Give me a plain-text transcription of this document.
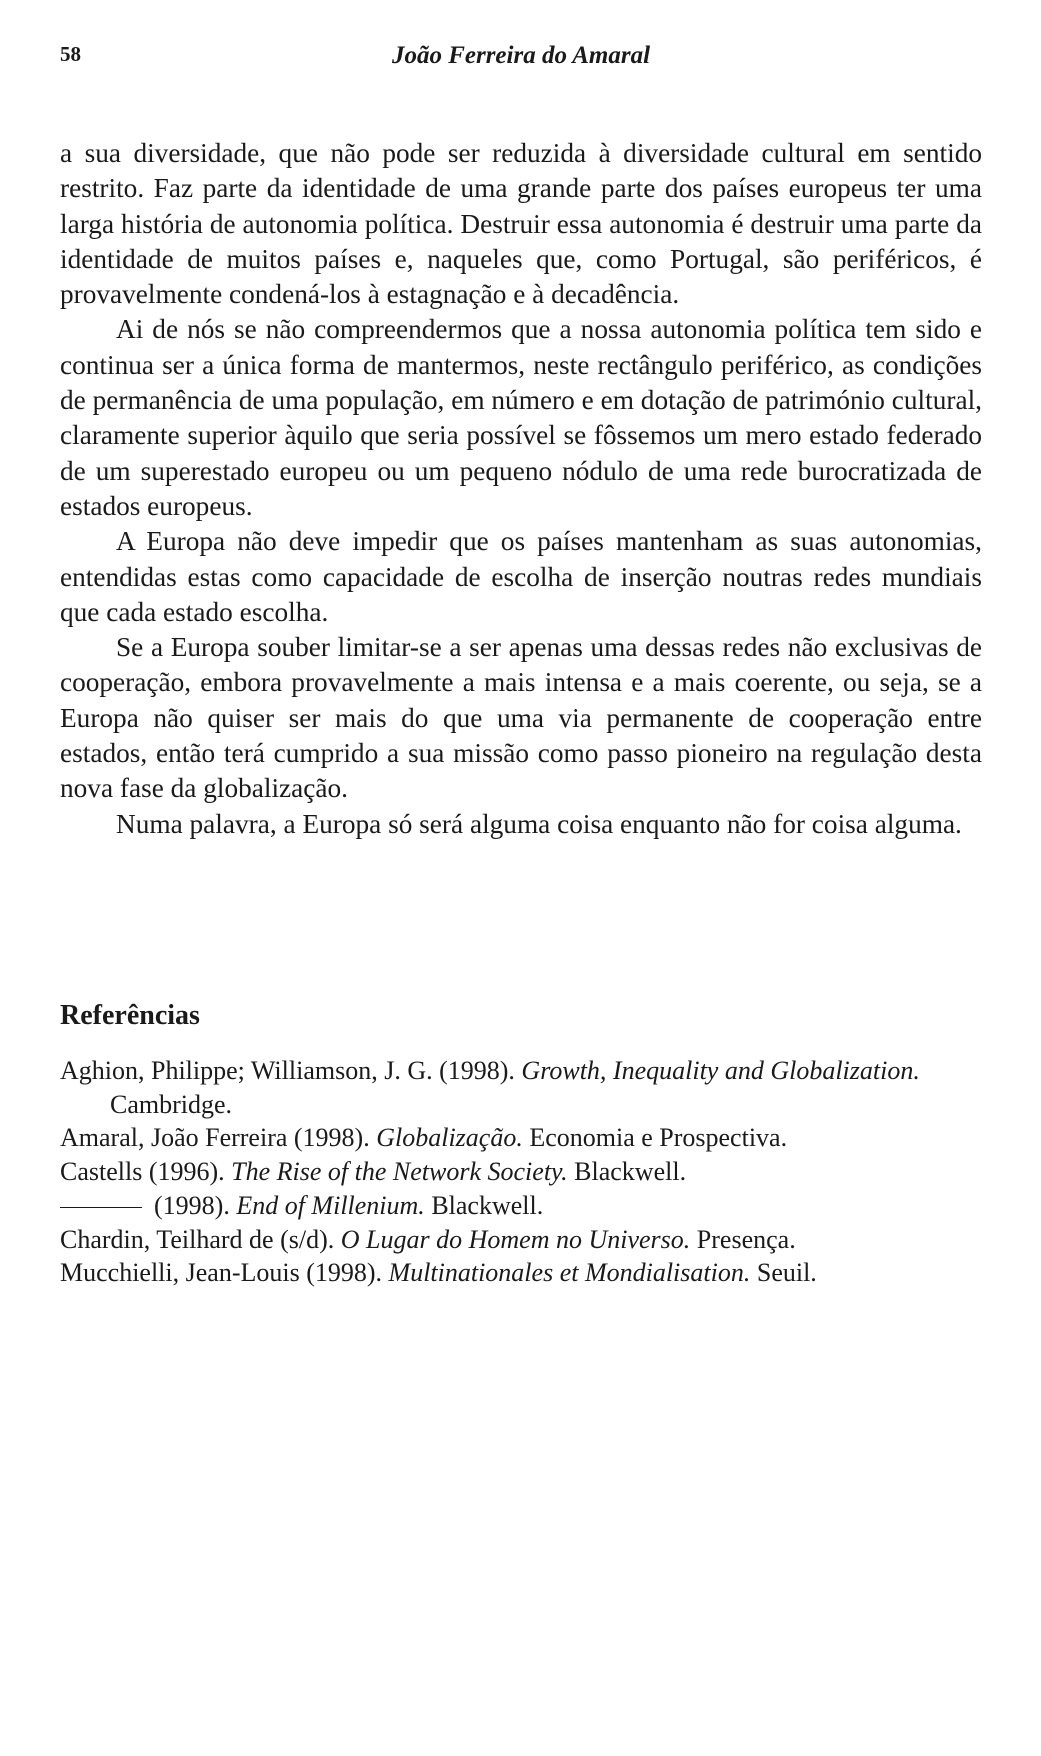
58	João Ferreira do Amaral

a sua diversidade, que não pode ser reduzida à diversidade cultural em sentido restrito. Faz parte da identidade de uma grande parte dos países europeus ter uma larga história de autonomia política. Destruir essa autonomia é destruir uma parte da identidade de muitos países e, naqueles que, como Portugal, são periféricos, é provavelmente condená-los à estagnação e à decadência.

Ai de nós se não compreendermos que a nossa autonomia política tem sido e continua ser a única forma de mantermos, neste rectângulo periférico, as condições de permanência de uma população, em número e em dotação de património cultural, claramente superior àquilo que seria possível se fôssemos um mero estado federado de um superestado europeu ou um pequeno nódulo de uma rede burocratizada de estados europeus.

A Europa não deve impedir que os países mantenham as suas autonomias, entendidas estas como capacidade de escolha de inserção noutras redes mundiais que cada estado escolha.

Se a Europa souber limitar-se a ser apenas uma dessas redes não exclusivas de cooperação, embora provavelmente a mais intensa e a mais coerente, ou seja, se a Europa não quiser ser mais do que uma via permanente de cooperação entre estados, então terá cumprido a sua missão como passo pioneiro na regulação desta nova fase da globalização.

Numa palavra, a Europa só será alguma coisa enquanto não for coisa alguma.

Referências
Aghion, Philippe; Williamson, J. G. (1998). Growth, Inequality and Globalization. Cambridge.
Amaral, João Ferreira (1998). Globalização. Economia e Prospectiva.
Castells (1996). The Rise of the Network Society. Blackwell.
(1998). End of Millenium. Blackwell.
Chardin, Teilhard de (s/d). O Lugar do Homem no Universo. Presença.
Mucchielli, Jean-Louis (1998). Multinationales et Mondialisation. Seuil.
